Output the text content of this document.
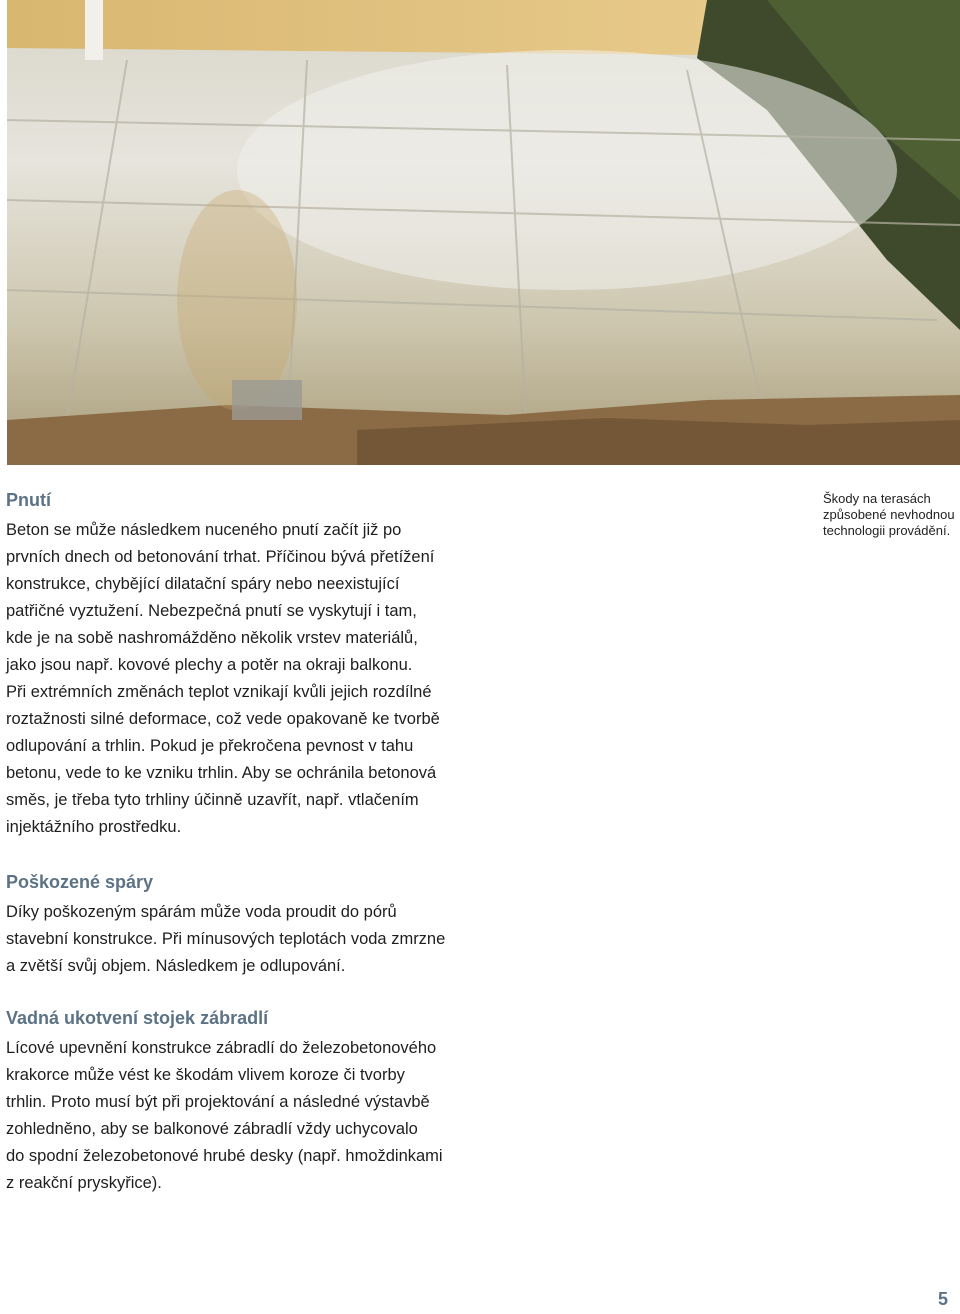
Škody na terasách
způsobené nevhodnou
technologii provádění.
Pnutí
Beton se může následkem nuceného pnutí začít již po
prvních dnech od betonování trhat. Příčinou bývá přetížení
konstrukce, chybějící dilatační spáry nebo neexistující
patřičné vyztužení. Nebezpečná pnutí se vyskytují i tam,
kde je na sobě nashromážděno několik vrstev materiálů,
jako jsou např. kovové plechy a potěr na okraji balkonu.
Při extrémních změnách teplot vznikají kvůli jejich rozdílné
roztažnosti silné deformace, což vede opakovaně ke tvorbě
odlupování a trhlin. Pokud je překročena pevnost v tahu
betonu, vede to ke vzniku trhlin. Aby se ochránila betonová
směs, je třeba tyto trhliny účinně uzavřít, např. vtlačením
injektážního prostředku.
Poškozené spáry
Díky poškozeným spárám může voda proudit do pórů
stavební konstrukce. Při mínusových teplotách voda zmrzne
a zvětší svůj objem. Následkem je odlupování.
Vadná ukotvení stojek zábradlí
Lícové upevnění konstrukce zábradlí do železobetonového
krakorce může vést ke škodám vlivem koroze či tvorby
trhlin. Proto musí být při projektování a následné výstavbě
zohledněno, aby se balkonové zábradlí vždy uchycovalo
do spodní železobetonové hrubé desky (např. hmoždinkami
z reakční pryskyřice).
5
